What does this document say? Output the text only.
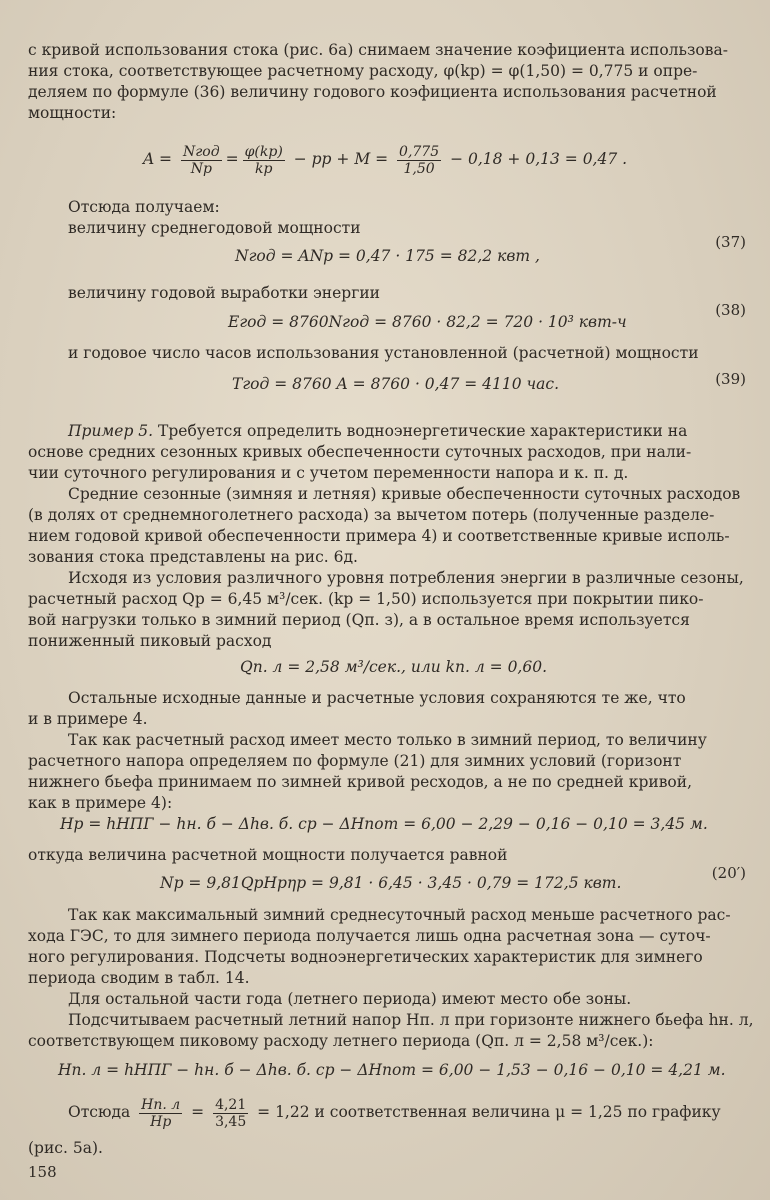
с кривой использования стока (рис. 6а) снимаем значение коэфициента использова-
ния стока, соответствующее расчетному расходу, φ(kр) = φ(1,50) = 0,775 и опре-
деляем по формуле (36) величину годового коэфициента использования расчетной
мощности:
$A = \frac{\text{Nгод}}{Nр} = \frac{\varphi(kр)}{kр}$ − pр + $M = \frac{0,775}{1,50} - 0,18 + 0,13 = 0,47$ .
Отсюда получаем:
величину среднегодовой мощности
Nгод = ANр = 0,47 · 175 = 82,2 квт ,
(37)
величину годовой выработки энергии
Eгод = 8760Nгод = 8760 · 82,2 = 720 · 10³ квт-ч
(38)
и годовое число часов использования установленной (расчетной) мощности
Tгод = 8760 A = 8760 · 0,47 = 4110 час.	(39)
Пример 5. Требуется определить водноэнергетические характеристики на
основе средних сезонных кривых обеспеченности суточных расходов, при нали-
чии суточного регулирования и с учетом переменности напора и к. п. д.
Средние сезонные (зимняя и летняя) кривые обеспеченности суточных расходов
(в долях от среднемноголетнего расхода) за вычетом потерь (полученные разделе-
нием годовой кривой обеспеченности примера 4) и соответственные кривые исполь-
зования стока представлены на рис. 6д.
Исходя из условия различного уровня потребления энергии в различные сезоны,
расчетный расход Qр = 6,45 м³/сек. (kр = 1,50) используется при покрытии пико-
вой нагрузки только в зимний период (Qп. з), а в остальное время используется
пониженный пиковый расход
Qп. л = 2,58 м³/сек., или kп. л = 0,60.
Остальные исходные данные и расчетные условия сохраняются те же, что
и в примере 4.
Так как расчетный расход имеет место только в зимний период, то величину
расчетного напора определяем по формуле (21) для зимних условий (горизонт
нижнего бьефа принимаем по зимней кривой ресходов, а не по средней кривой,
как в примере 4):
Hр = hНПГ − hн. б − Δhв. б. ср − ΔHпот = 6,00 − 2,29 − 0,16 − 0,10 = 3,45 м.
откуда величина расчетной мощности получается равной
Nр = 9,81QрHрηр = 9,81 · 6,45 · 3,45 · 0,79 = 172,5 квт.
(20′)
Так как максимальный зимний среднесуточный расход меньше расчетного рас-
хода ГЭС, то для зимнего периода получается лишь одна расчетная зона — суточ-
ного регулирования. Подсчеты водноэнергетических характеристик для зимнего
периода сводим в табл. 14.
Для остальной части года (летнего периода) имеют место обе зоны.
Подсчитываем расчетный летний напор Hп. л при горизонте нижнего бьефа hн. л,
соответствующем пиковому расходу летнего периода (Qп. л = 2,58 м³/сек.):
Hп. л = hНПГ − hн. б − Δhв. б. ср − ΔHпот = 6,00 − 1,53 − 0,16 − 0,10 = 4,21 м.
Отсюда $\frac{Hп. л}{Hр} = \frac{4,21}{3,45} = 1,22$ и соответственная величина μ = 1,25 по графику
(рис. 5а).
158
